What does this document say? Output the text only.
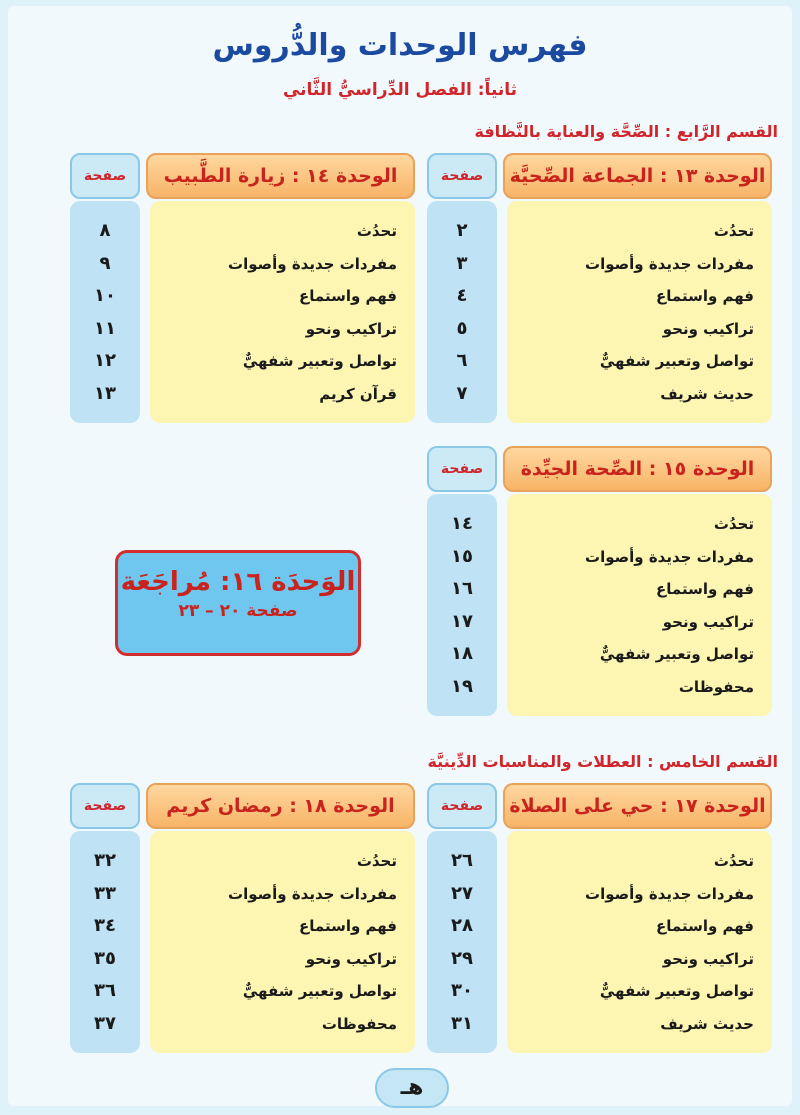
فهرس الوحدات والدُّروس
ثانياً: الفصل الدِّراسيُّ الثَّاني
القسم الرَّابع : الصِّحَّة والعناية بالنَّظافة
الوحدة ١٣ : الجماعة الصِّحيَّة
صفحة
تحدُث
٢
مفردات جديدة وأصوات
٣
فهم واستماع
٤
تراكيب ونحو
٥
تواصل وتعبير شفهيٌّ
٦
حديث شريف
٧
الوحدة ١٤ : زيارة الطَّبيب
صفحة
تحدُث
٨
مفردات جديدة وأصوات
٩
فهم واستماع
١٠
تراكيب ونحو
١١
تواصل وتعبير شفهيٌّ
١٢
قرآن كريم
١٣
الوحدة ١٥ : الصِّحة الجيِّدة
صفحة
تحدُث
١٤
مفردات جديدة وأصوات
١٥
فهم واستماع
١٦
تراكيب ونحو
١٧
تواصل وتعبير شفهيٌّ
١٨
محفوظات
١٩
الوَحدَة ١٦: مُراجَعَة
صفحة ٢٠ – ٢٣
القسم الخامس : العطلات والمناسبات الدِّينيَّة
الوحدة ١٧ : حي على الصلاة
صفحة
تحدُث
٢٦
مفردات جديدة وأصوات
٢٧
فهم واستماع
٢٨
تراكيب ونحو
٢٩
تواصل وتعبير شفهيٌّ
٣٠
حديث شريف
٣١
الوحدة ١٨ : رمضان كريم
صفحة
تحدُث
٣٢
مفردات جديدة وأصوات
٣٣
فهم واستماع
٣٤
تراكيب ونحو
٣٥
تواصل وتعبير شفهيٌّ
٣٦
محفوظات
٣٧
هـ
